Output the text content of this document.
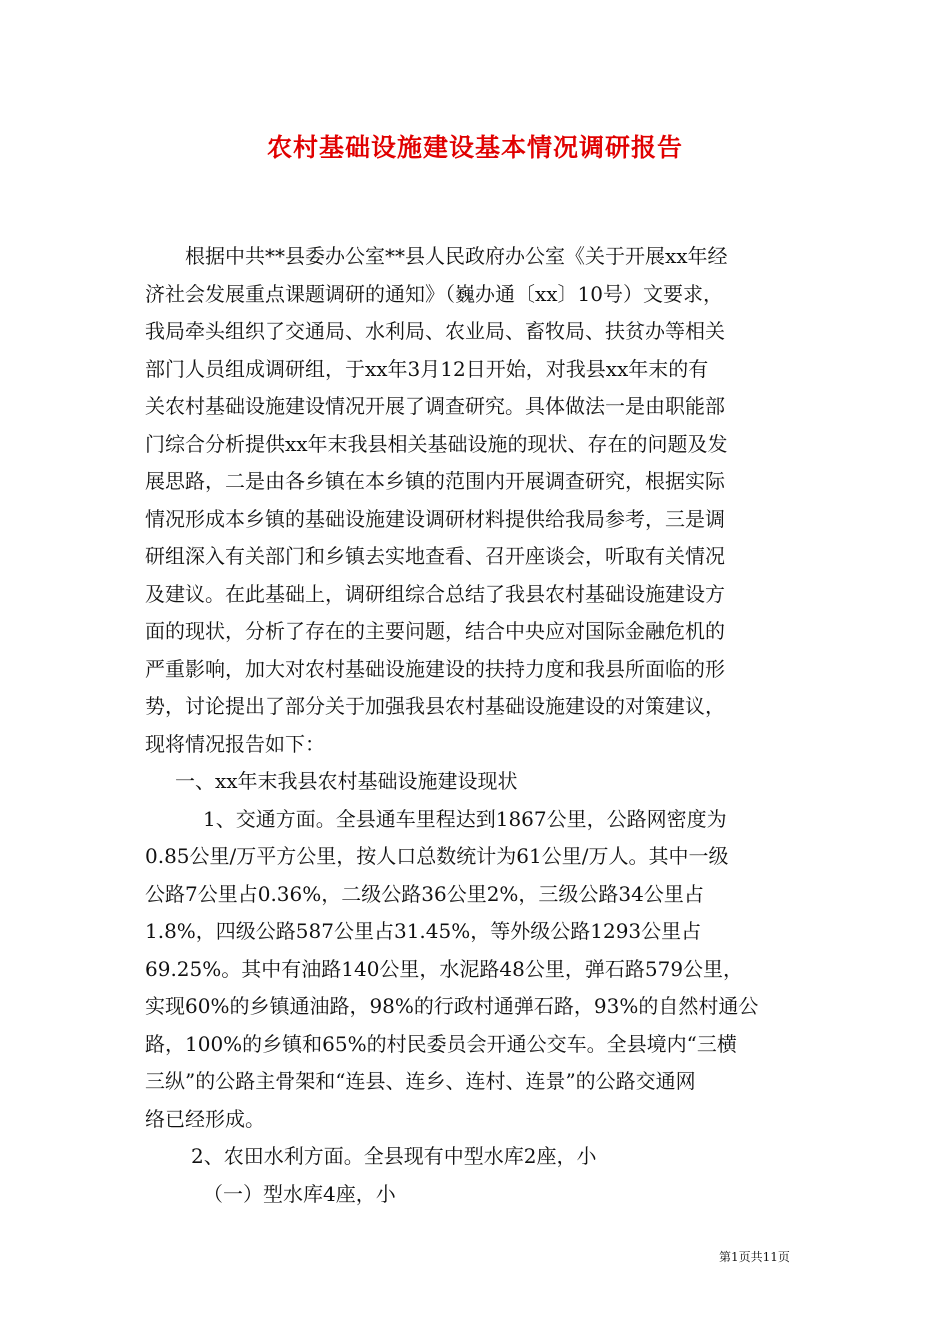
农村基础设施建设基本情况调研报告
根据中共**县委办公室**县人民政府办公室《关于开展xx年经
济社会发展重点课题调研的通知》（巍办通〔xx〕10号）文要求，
我局牵头组织了交通局、水利局、农业局、畜牧局、扶贫办等相关
部门人员组成调研组，于xx年3月12日开始，对我县xx年末的有
关农村基础设施建设情况开展了调查研究。具体做法一是由职能部
门综合分析提供xx年末我县相关基础设施的现状、存在的问题及发
展思路，二是由各乡镇在本乡镇的范围内开展调查研究，根据实际
情况形成本乡镇的基础设施建设调研材料提供给我局参考，三是调
研组深入有关部门和乡镇去实地查看、召开座谈会，听取有关情况
及建议。在此基础上，调研组综合总结了我县农村基础设施建设方
面的现状，分析了存在的主要问题，结合中央应对国际金融危机的
严重影响，加大对农村基础设施建设的扶持力度和我县所面临的形
势，讨论提出了部分关于加强我县农村基础设施建设的对策建议，
现将情况报告如下：
一、xx年末我县农村基础设施建设现状
1、交通方面。全县通车里程达到1867公里，公路网密度为
0.85公里/万平方公里，按人口总数统计为61公里/万人。其中一级
公路7公里占0.36%，二级公路36公里2%，三级公路34公里占
1.8%，四级公路587公里占31.45%，等外级公路1293公里占
69.25%。其中有油路140公里，水泥路48公里，弹石路579公里，
实现60%的乡镇通油路，98%的行政村通弹石路，93%的自然村通公
路，100%的乡镇和65%的村民委员会开通公交车。全县境内“三横
三纵”的公路主骨架和“连县、连乡、连村、连景”的公路交通网
络已经形成。
2、农田水利方面。全县现有中型水库2座，小
（一）型水库4座，小
第1页共11页
